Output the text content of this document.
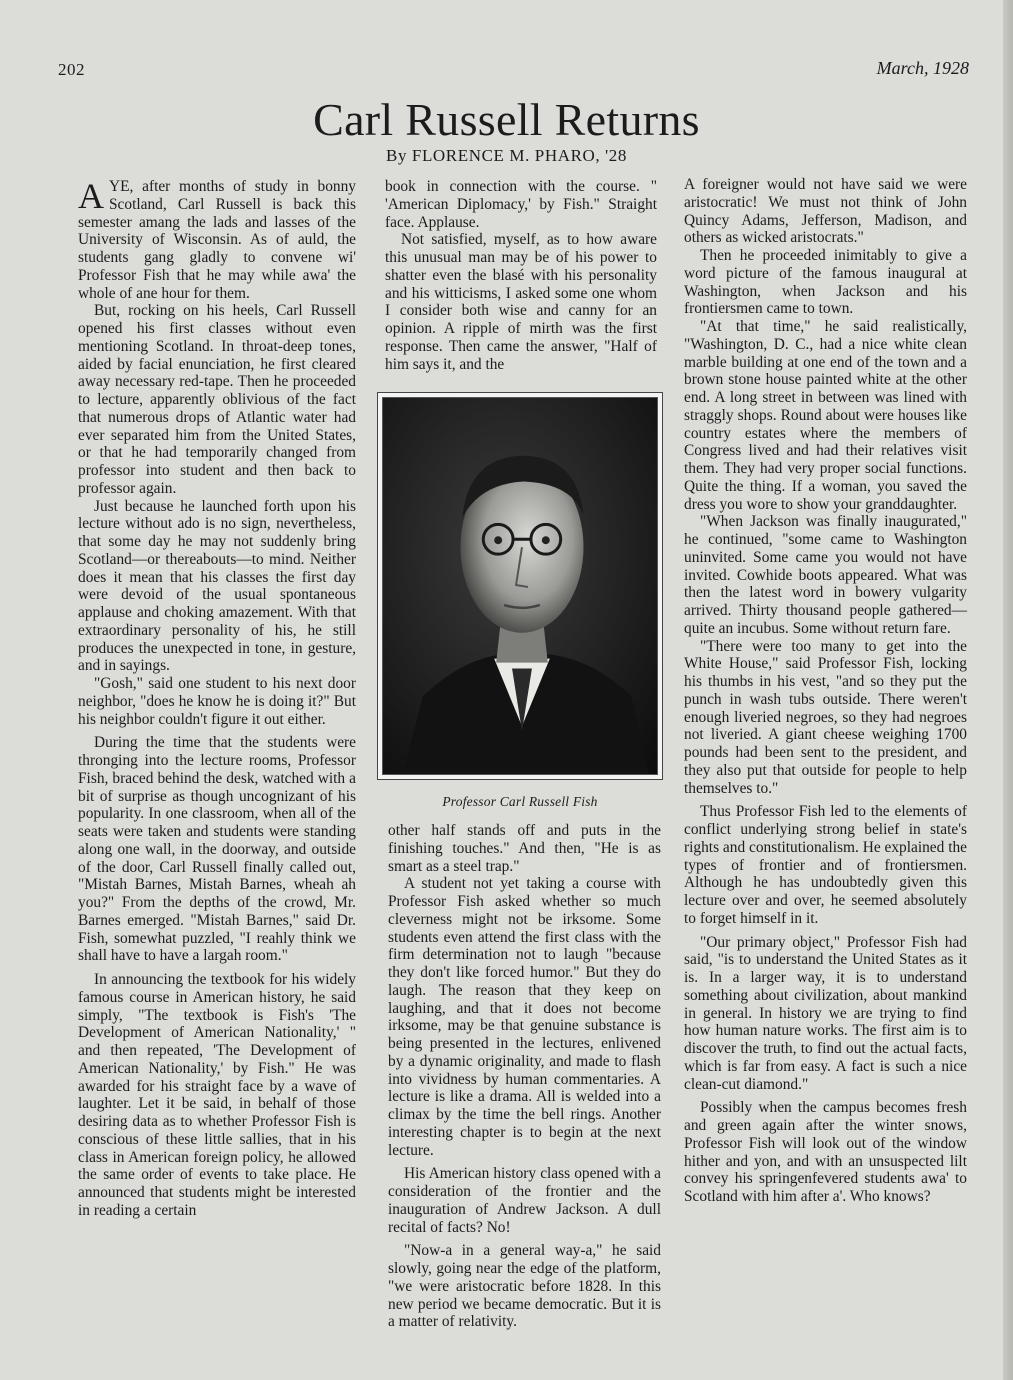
202	March, 1928
Carl Russell Returns
By FLORENCE M. PHARO, '28

AYE, after months of study in bonny Scotland, Carl Russell is back this semester amang the lads and lasses of the University of Wisconsin. As of auld, the students gang gladly to convene wi' Professor Fish that he may while awa' the whole of ane hour for them.

But, rocking on his heels, Carl Russell opened his first classes without even mentioning Scotland. In throat-deep tones, aided by facial enunciation, he first cleared away necessary red-tape. Then he proceeded to lecture, apparently oblivious of the fact that numerous drops of Atlantic water had ever separated him from the United States, or that he had temporarily changed from professor into student and then back to professor again.

Just because he launched forth upon his lecture without ado is no sign, nevertheless, that some day he may not suddenly bring Scotland—or thereabouts—to mind. Neither does it mean that his classes the first day were devoid of the usual spontaneous applause and choking amazement. With that extraordinary personality of his, he still produces the unexpected in tone, in gesture, and in sayings.

"Gosh," said one student to his next door neighbor, "does he know he is doing it?" But his neighbor couldn't figure it out either.

During the time that the students were thronging into the lecture rooms, Professor Fish, braced behind the desk, watched with a bit of surprise as though uncognizant of his popularity. In one classroom, when all of the seats were taken and students were standing along one wall, in the doorway, and outside of the door, Carl Russell finally called out, "Mistah Barnes, Mistah Barnes, wheah ah you?" From the depths of the crowd, Mr. Barnes emerged. "Mistah Barnes," said Dr. Fish, somewhat puzzled, "I reahly think we shall have to have a largah room."

In announcing the textbook for his widely famous course in American history, he said simply, "The textbook is Fish's 'The Development of American Nationality,' " and then repeated, 'The Development of American Nationality,' by Fish." He was awarded for his straight face by a wave of laughter. Let it be said, in behalf of those desiring data as to whether Professor Fish is conscious of these little sallies, that in his class in American foreign policy, he allowed the same order of events to take place. He announced that students might be interested in reading a certain

book in connection with the course. " 'American Diplomacy,' by Fish." Straight face. Applause.

Not satisfied, myself, as to how aware this unusual man may be of his power to shatter even the blasé with his personality and his witticisms, I asked some one whom I consider both wise and canny for an opinion. A ripple of mirth was the first response. Then came the answer, "Half of him says it, and the

Professor Carl Russell Fish

other half stands off and puts in the finishing touches." And then, "He is as smart as a steel trap."

A student not yet taking a course with Professor Fish asked whether so much cleverness might not be irksome. Some students even attend the first class with the firm determination not to laugh "because they don't like forced humor." But they do laugh. The reason that they keep on laughing, and that it does not become irksome, may be that genuine substance is being presented in the lectures, enlivened by a dynamic originality, and made to flash into vividness by human commentaries. A lecture is like a drama. All is welded into a climax by the time the bell rings. Another interesting chapter is to begin at the next lecture.

His American history class opened with a consideration of the frontier and the inauguration of Andrew Jackson. A dull recital of facts? No!

"Now-a in a general way-a," he said slowly, going near the edge of the platform, "we were aristocratic before 1828. In this new period we became democratic. But it is a matter of relativity.

A foreigner would not have said we were aristocratic! We must not think of John Quincy Adams, Jefferson, Madison, and others as wicked aristocrats."

Then he proceeded inimitably to give a word picture of the famous inaugural at Washington, when Jackson and his frontiersmen came to town.

"At that time," he said realistically, "Washington, D. C., had a nice white clean marble building at one end of the town and a brown stone house painted white at the other end. A long street in between was lined with straggly shops. Round about were houses like country estates where the members of Congress lived and had their relatives visit them. They had very proper social functions. Quite the thing. If a woman, you saved the dress you wore to show your granddaughter.

"When Jackson was finally inaugurated," he continued, "some came to Washington uninvited. Some came you would not have invited. Cowhide boots appeared. What was then the latest word in bowery vulgarity arrived. Thirty thousand people gathered—quite an incubus. Some without return fare.

"There were too many to get into the White House," said Professor Fish, locking his thumbs in his vest, "and so they put the punch in wash tubs outside. There weren't enough liveried negroes, so they had negroes not liveried. A giant cheese weighing 1700 pounds had been sent to the president, and they also put that outside for people to help themselves to."

Thus Professor Fish led to the elements of conflict underlying strong belief in state's rights and constitutionalism. He explained the types of frontier and of frontiersmen. Although he has undoubtedly given this lecture over and over, he seemed absolutely to forget himself in it.

"Our primary object," Professor Fish had said, "is to understand the United States as it is. In a larger way, it is to understand something about civilization, about mankind in general. In history we are trying to find how human nature works. The first aim is to discover the truth, to find out the actual facts, which is far from easy. A fact is such a nice clean-cut diamond."

Possibly when the campus becomes fresh and green again after the winter snows, Professor Fish will look out of the window hither and yon, and with an unsuspected lilt convey his springenfevered students awa' to Scotland with him after a'. Who knows?
